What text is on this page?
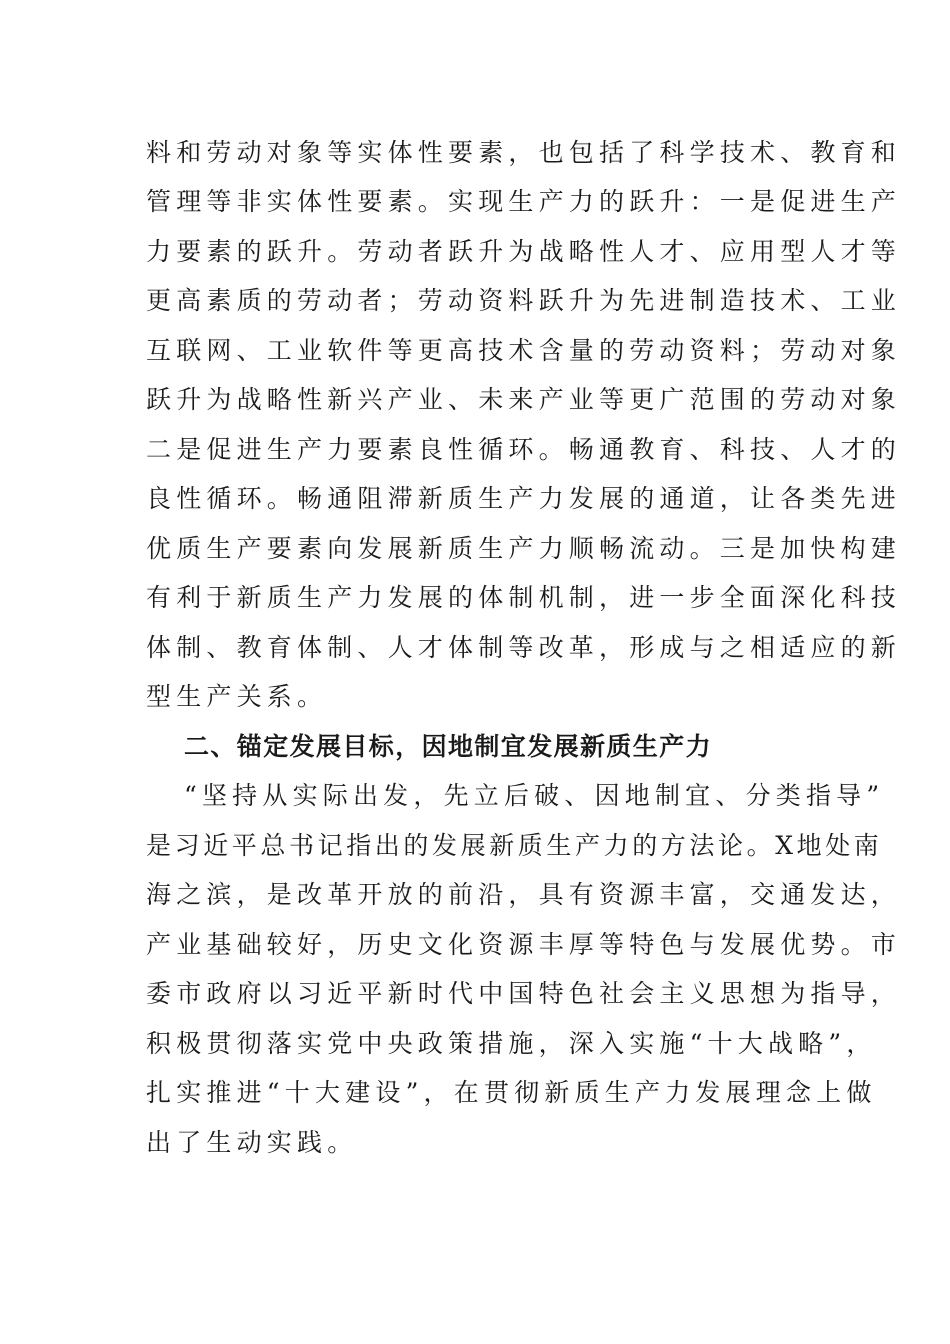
料和劳动对象等实体性要素，也包括了科学技术、教育和
管理等非实体性要素。实现生产力的跃升：一是促进生产
力要素的跃升。劳动者跃升为战略性人才、应用型人才等
更高素质的劳动者；劳动资料跃升为先进制造技术、工业
互联网、工业软件等更高技术含量的劳动资料；劳动对象
跃升为战略性新兴产业、未来产业等更广范围的劳动对象
二是促进生产力要素良性循环。畅通教育、科技、人才的
良性循环。畅通阻滞新质生产力发展的通道，让各类先进
优质生产要素向发展新质生产力顺畅流动。三是加快构建
有利于新质生产力发展的体制机制，进一步全面深化科技
体制、教育体制、人才体制等改革，形成与之相适应的新
型生产关系。
二、锚定发展目标，因地制宜发展新质生产力
“坚持从实际出发，先立后破、因地制宜、分类指导”
是习近平总书记指出的发展新质生产力的方法论。X地处南
海之滨，是改革开放的前沿，具有资源丰富，交通发达，
产业基础较好，历史文化资源丰厚等特色与发展优势。市
委市政府以习近平新时代中国特色社会主义思想为指导，
积极贯彻落实党中央政策措施，深入实施“十大战略”，
扎实推进“十大建设”，在贯彻新质生产力发展理念上做
出了生动实践。
